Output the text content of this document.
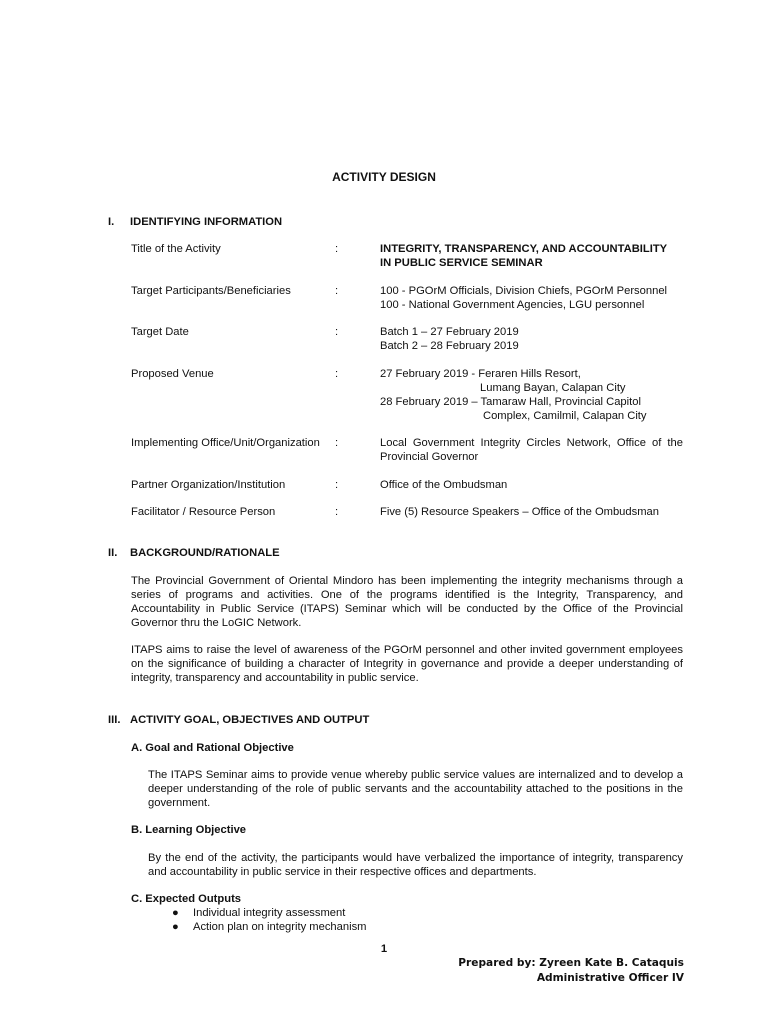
ACTIVITY DESIGN
I. IDENTIFYING INFORMATION
Title of the Activity	:	INTEGRITY, TRANSPARENCY, AND ACCOUNTABILITY
IN PUBLIC SERVICE SEMINAR
Target Participants/Beneficiaries	:	100 - PGOrM Officials, Division Chiefs, PGOrM Personnel
100 - National Government Agencies, LGU personnel
Target Date	:	Batch 1 – 27 February 2019
Batch 2 – 28 February 2019
Proposed Venue	:	27 February 2019 - Feraren Hills Resort,
Lumang Bayan, Calapan City
28 February 2019 – Tamaraw Hall, Provincial Capitol
Complex, Camilmil, Calapan City
Implementing Office/Unit/Organization :	Local Government Integrity Circles Network, Office of the Provincial Governor
Partner Organization/Institution	:	Office of the Ombudsman
Facilitator / Resource Person	:	Five (5) Resource Speakers – Office of the Ombudsman
II. BACKGROUND/RATIONALE
The Provincial Government of Oriental Mindoro has been implementing the integrity mechanisms through a series of programs and activities. One of the programs identified is the Integrity, Transparency, and Accountability in Public Service (ITAPS) Seminar which will be conducted by the Office of the Provincial Governor thru the LoGIC Network.
ITAPS aims to raise the level of awareness of the PGOrM personnel and other invited government employees on the significance of building a character of Integrity in governance and provide a deeper understanding of integrity, transparency and accountability in public service.
III. ACTIVITY GOAL, OBJECTIVES AND OUTPUT
A. Goal and Rational Objective
The ITAPS Seminar aims to provide venue whereby public service values are internalized and to develop a deeper understanding of the role of public servants and the accountability attached to the positions in the government.
B. Learning Objective
By the end of the activity, the participants would have verbalized the importance of integrity, transparency and accountability in public service in their respective offices and departments.
C. Expected Outputs
● Individual integrity assessment
● Action plan on integrity mechanism
1
Prepared by: Zyreen Kate B. Cataquis
Administrative Officer IV
